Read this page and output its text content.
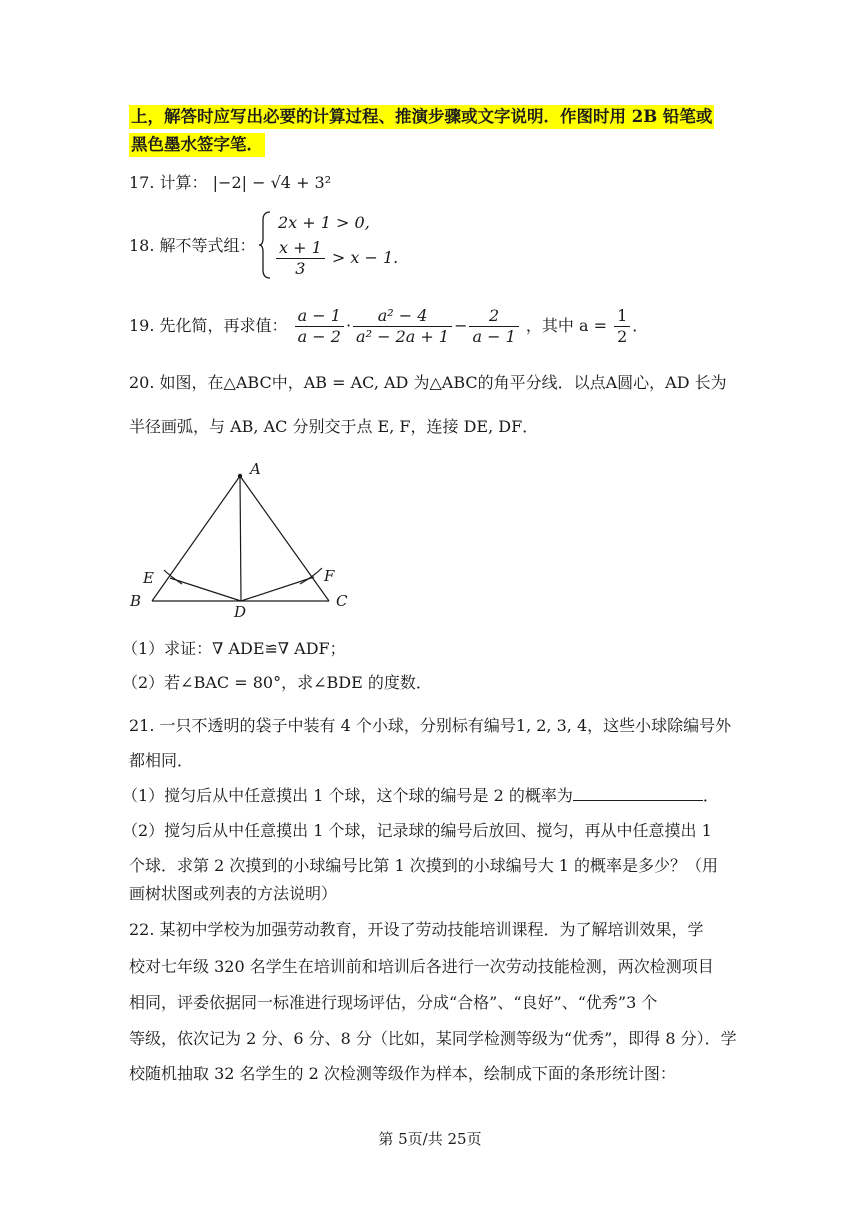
上，解答时应写出必要的计算过程、推演步骤或文字说明．作图时用 2B 铅笔或
黑色墨水签字笔．
17. 计算： |−2| − √4 + 3²
18. 解不等式组：
2x + 1 > 0,
$\frac{x + 1}{3} > x - 1$.
19. 先化简，再求值： $\frac{a - 1}{a - 2} \cdot \frac{\text{a² − 4}}{\text{a² − 2a + 1}} - \frac{2}{a - 1}$ ，其中 $a = \frac{1}{2}$ ．
20. 如图，在△ABC中，AB = AC, AD 为△ABC的角平分线．以点A圆心，AD 长为
半径画弧，与 AB, AC 分别交于点 E, F，连接 DE, DF．
A
B	C
D
E	F
（1）求证：∇ ADE≌∇ ADF；
（2）若∠BAC = 80°，求∠BDE 的度数．
21. 一只不透明的袋子中装有 4 个小球，分别标有编号1, 2, 3, 4，这些小球除编号外
都相同．
（1）搅匀后从中任意摸出 1 个球，这个球的编号是 2 的概率为	．
（2）搅匀后从中任意摸出 1 个球，记录球的编号后放回、搅匀，再从中任意摸出 1
个球．求第 2 次摸到的小球编号比第 1 次摸到的小球编号大 1 的概率是多少？（用
画树状图或列表的方法说明）
22. 某初中学校为加强劳动教育，开设了劳动技能培训课程．为了解培训效果，学
校对七年级 320 名学生在培训前和培训后各进行一次劳动技能检测，两次检测项目
相同，评委依据同一标准进行现场评估，分成“合格”、“良好”、“优秀”3 个
等级，依次记为 2 分、6 分、8 分（比如，某同学检测等级为“优秀”，即得 8 分）．学
校随机抽取 32 名学生的 2 次检测等级作为样本，绘制成下面的条形统计图：
第 5页/共 25页
